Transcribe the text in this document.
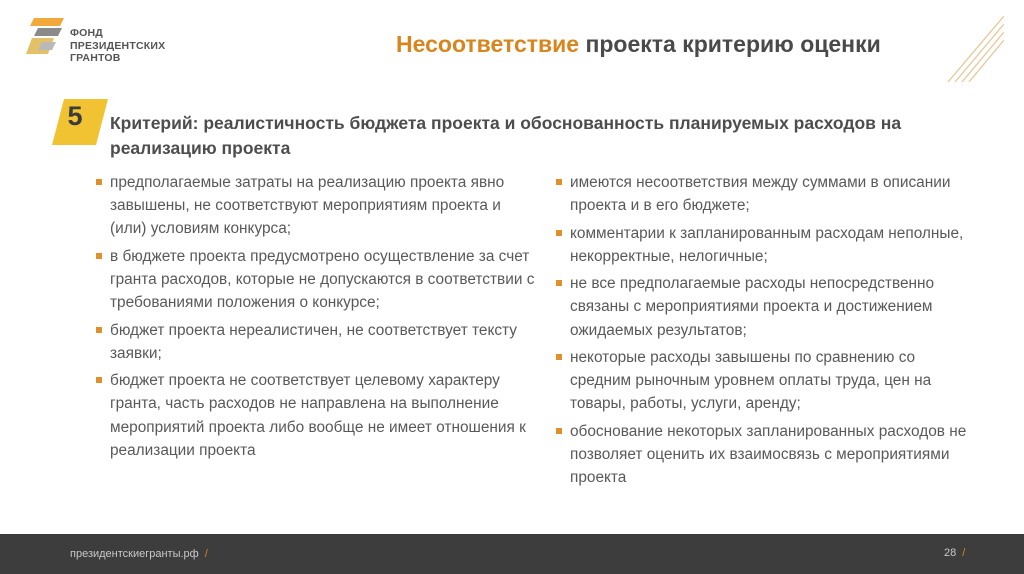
ФОНД
ПРЕЗИДЕНТСКИХ
ГРАНТОВ
Несоответствие проекта критерию оценки
5	Критерий: реалистичность бюджета проекта и обоснованность планируемых расходов на реализацию проекта
предполагаемые затраты на реализацию проекта явно завышены, не соответствуют мероприятиям проекта и (или) условиям конкурса;
в бюджете проекта предусмотрено осуществление за счет гранта расходов, которые не допускаются в соответствии с требованиями положения о конкурсе;
бюджет проекта нереалистичен, не соответствует тексту заявки;
бюджет проекта не соответствует целевому характеру гранта, часть расходов не направлена на выполнение мероприятий проекта либо вообще не имеет отношения к реализации проекта
имеются несоответствия между суммами в описании проекта и в его бюджете;
комментарии к запланированным расходам неполные, некорректные, нелогичные;
не все предполагаемые расходы непосредственно связаны с мероприятиями проекта и достижением ожидаемых результатов;
некоторые расходы завышены по сравнению со средним рыночным уровнем оплаты труда, цен на товары, работы, услуги, аренду;
обоснование некоторых запланированных расходов не позволяет оценить их взаимосвязь с мероприятиями проекта
президентскиегранты.рф /	28 /
